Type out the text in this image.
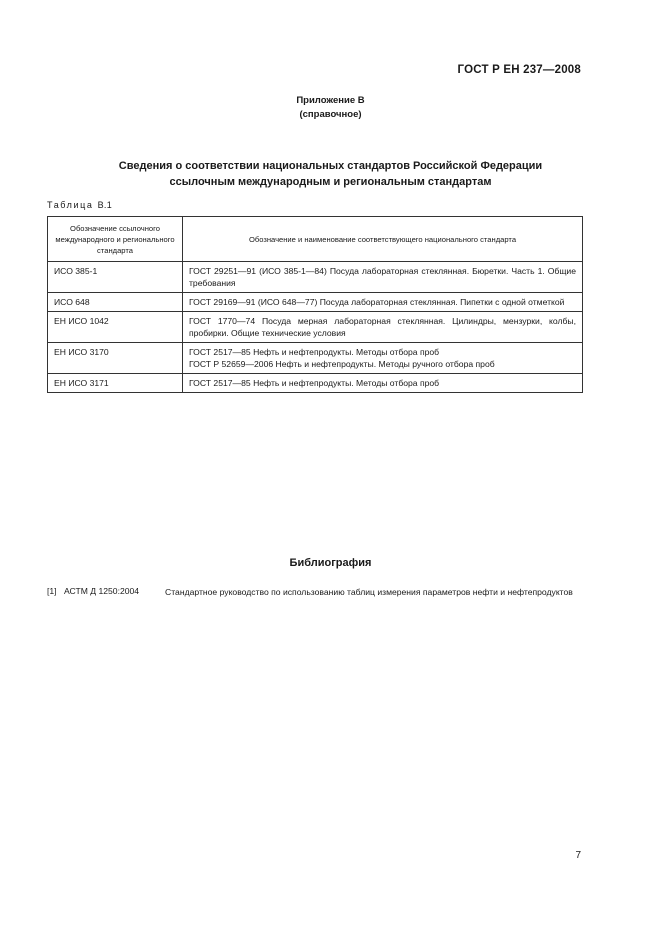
ГОСТ Р ЕН 237—2008
Приложение В
(справочное)
Сведения о соответствии национальных стандартов Российской Федерации
ссылочным международным и региональным стандартам
Таблица В.1
Обозначение ссылочного международного и регионального стандарта	Обозначение и наименование соответствующего национального стандарта
ИСО 385-1	ГОСТ 29251—91 (ИСО 385-1—84) Посуда лабораторная стеклянная. Бюретки. Часть 1. Общие требования
ИСО 648	ГОСТ 29169—91 (ИСО 648—77) Посуда лабораторная стеклянная. Пипетки с одной отметкой
ЕН ИСО 1042	ГОСТ 1770—74 Посуда мерная лабораторная стеклянная. Цилиндры, мензурки, колбы, пробирки. Общие технические условия
ЕН ИСО 3170	ГОСТ 2517—85 Нефть и нефтепродукты. Методы отбора проб
ГОСТ Р 52659—2006 Нефть и нефтепродукты. Методы ручного отбора проб

ЕН ИСО 3171	ГОСТ 2517—85 Нефть и нефтепродукты. Методы отбора проб
Библиография
[1] АСТМ Д 1250:2004	Стандартное руководство по использованию таблиц измерения параметров нефти и нефтепродуктов
7
